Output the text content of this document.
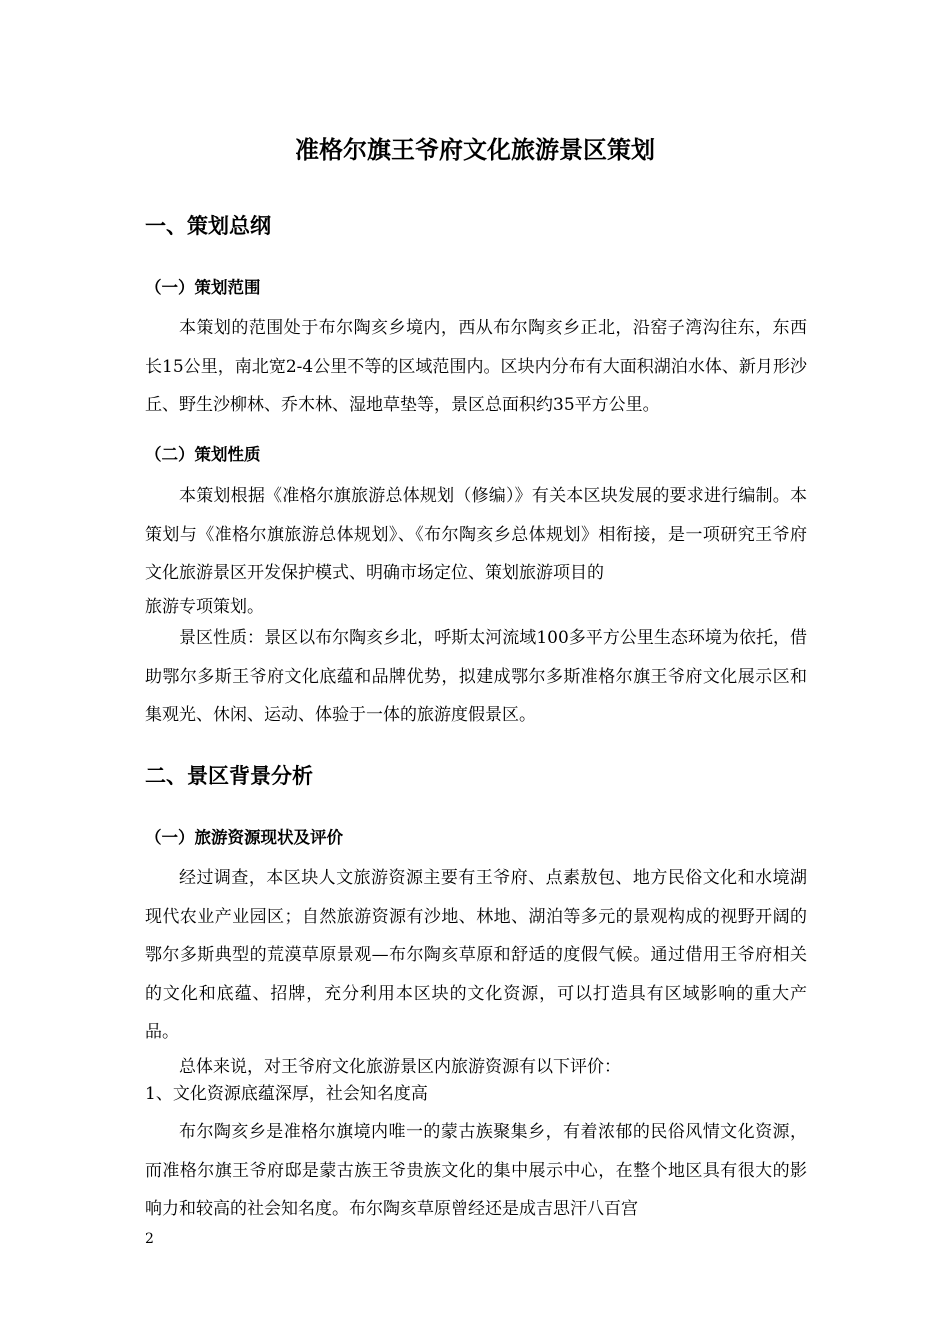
准格尔旗王爷府文化旅游景区策划
一、策划总纲
（一）策划范围

本策划的范围处于布尔陶亥乡境内，西从布尔陶亥乡正北，沿窑子湾沟往东，东西长15公里，南北宽2-4公里不等的区域范围内。区块内分布有大面积湖泊水体、新月形沙丘、野生沙柳林、乔木林、湿地草垫等，景区总面积约35平方公里。

（二）策划性质

本策划根据《准格尔旗旅游总体规划（修编）》有关本区块发展的要求进行编制。本策划与《准格尔旗旅游总体规划》、《布尔陶亥乡总体规划》相衔接，是一项研究王爷府文化旅游景区开发保护模式、明确市场定位、策划旅游项目的

旅游专项策划。

景区性质：景区以布尔陶亥乡北，呼斯太河流域100多平方公里生态环境为依托，借助鄂尔多斯王爷府文化底蕴和品牌优势，拟建成鄂尔多斯准格尔旗王爷府文化展示区和集观光、休闲、运动、体验于一体的旅游度假景区。

二、景区背景分析
（一）旅游资源现状及评价

经过调查，本区块人文旅游资源主要有王爷府、点素敖包、地方民俗文化和水境湖现代农业产业园区；自然旅游资源有沙地、林地、湖泊等多元的景观构成的视野开阔的鄂尔多斯典型的荒漠草原景观—布尔陶亥草原和舒适的度假气候。通过借用王爷府相关的文化和底蕴、招牌，充分利用本区块的文化资源，可以打造具有区域影响的重大产品。

总体来说，对王爷府文化旅游景区内旅游资源有以下评价：

1、文化资源底蕴深厚，社会知名度高

布尔陶亥乡是准格尔旗境内唯一的蒙古族聚集乡，有着浓郁的民俗风情文化资源，而准格尔旗王爷府邸是蒙古族王爷贵族文化的集中展示中心，在整个地区具有很大的影响力和较高的社会知名度。布尔陶亥草原曾经还是成吉思汗八百宫

2
